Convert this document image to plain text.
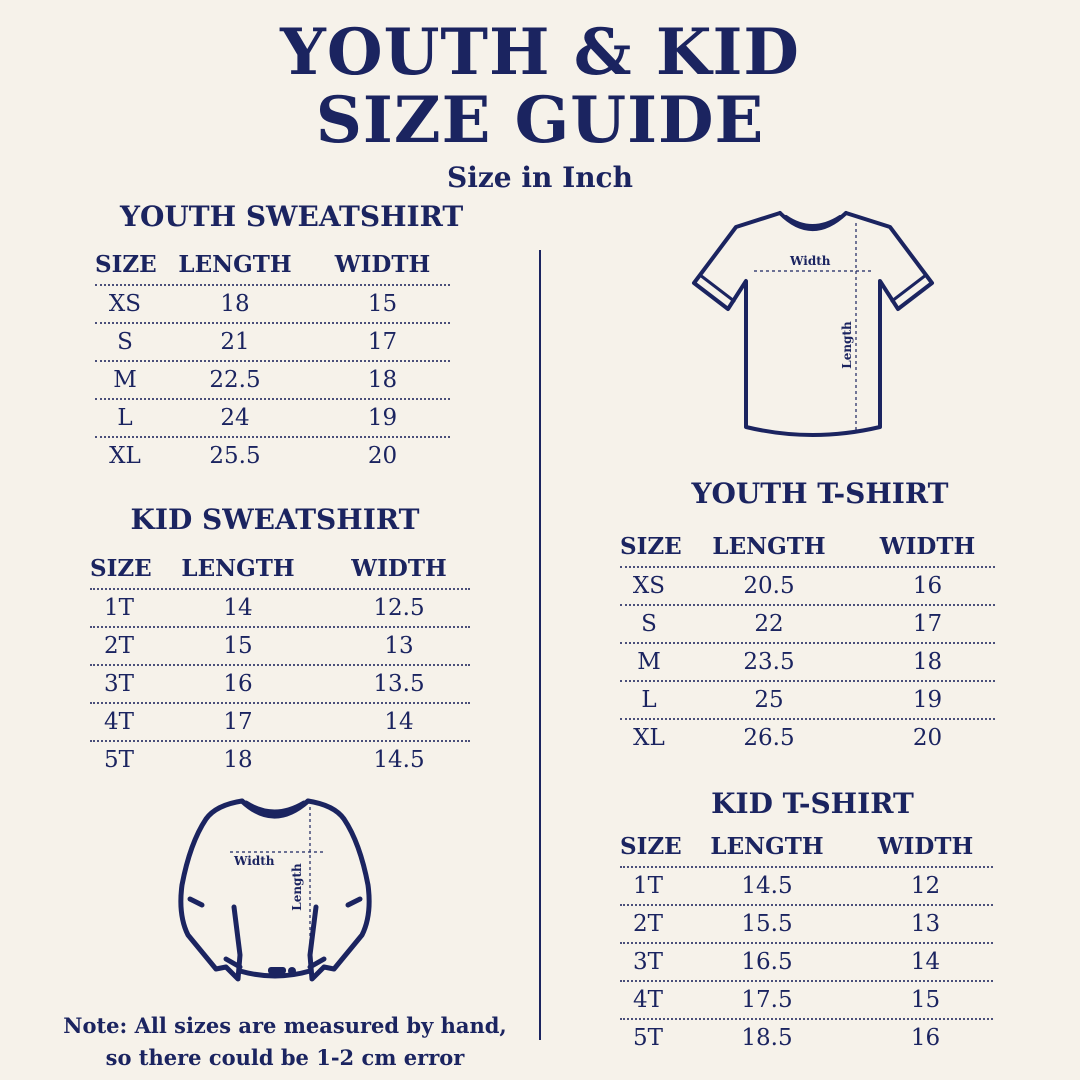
YOUTH & KID
SIZE GUIDE
Size in Inch
YOUTH SWEATSHIRT
SIZE LENGTH	WIDTH
XS	18	15
S	21	17
M	22.5	18
L	24	19
XL	25.5	20
KID SWEATSHIRT
SIZE	LENGTH	WIDTH
1T	14	12.5
2T	15	13
3T	16	13.5
4T	17	14
5T	18	14.5
YOUTH T-SHIRT
SIZE	LENGTH	WIDTH
XS	20.5	16
S	22	17
M	23.5	18
L	25	19
XL	26.5	20
KID T-SHIRT
SIZE	LENGTH	WIDTH
1T	14.5	12
2T	15.5	13
3T	16.5	14
4T	17.5	15
5T	18.5	16
Width
Length
Width
Length
Note: All sizes are measured by hand,
so there could be 1-2 cm error
